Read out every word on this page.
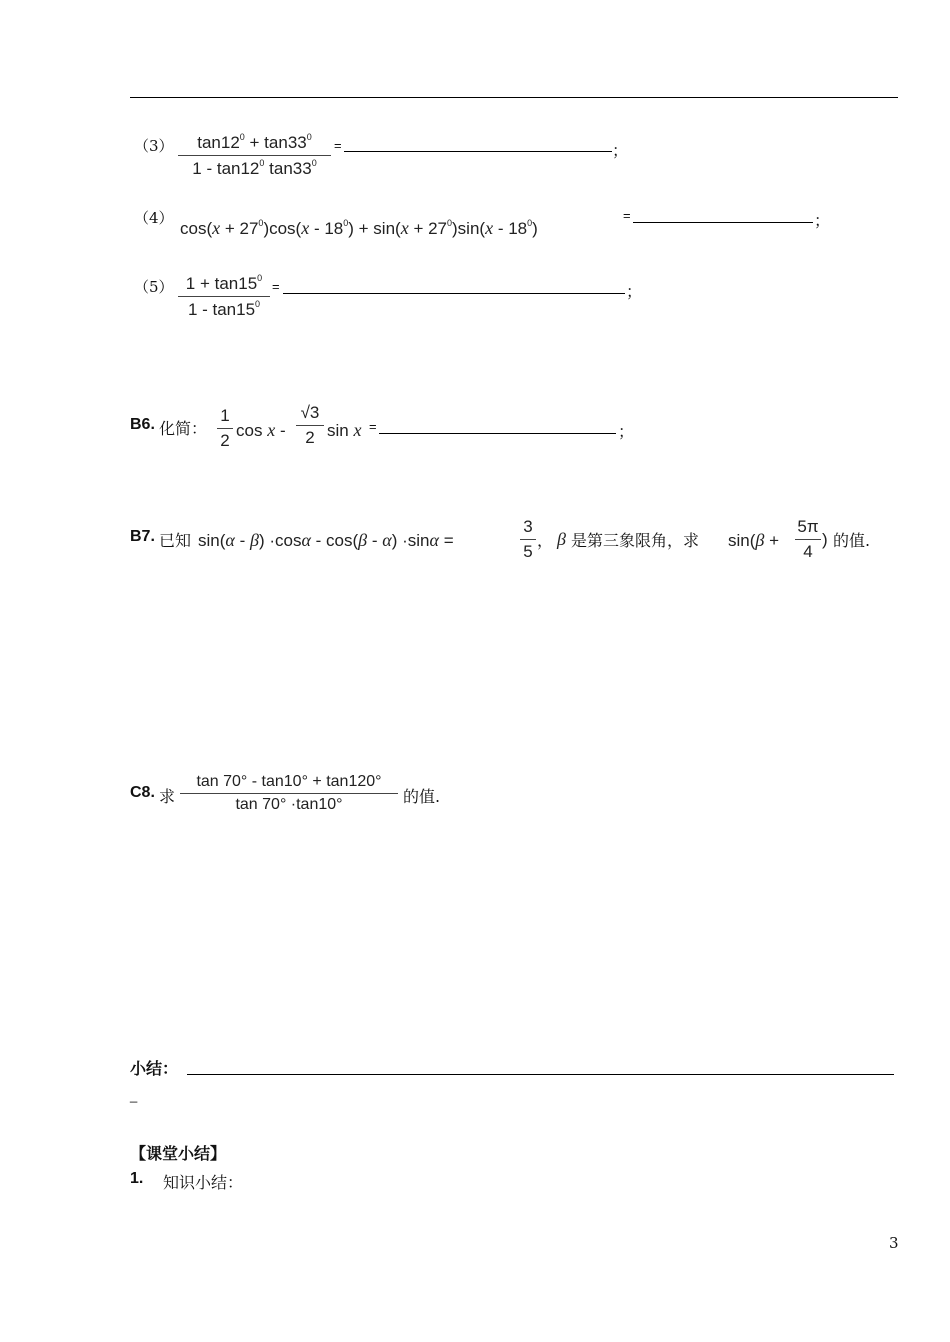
（3）	$\tan 12^0 + \tan 33^0$
$1 - \tan 12^0$ $\tan 33^0$
=	；
（4）
$\cos(x + 27^0)\cos(x - 18^0) + \sin(x + 27^0)\sin(x - 18^0)$
=	；
（5） $1 + \tan 15^0$
$1 - \tan 15^0$
=	；
B6. 化简：
1
2
cos x -
√3
2 sin x =	；
B7. 已知 sin(α - β) ·cosα - cos(β - α) ·sinα =
3
5
， β 是第三象限角，求 sin(β +
5π
4
) 的值.
C8. 求
tan 70° - tan10° + tan120°
tan 70° ·tan10°	的值.
小结：
_
【课堂小结】
1. 知识小结：
3
